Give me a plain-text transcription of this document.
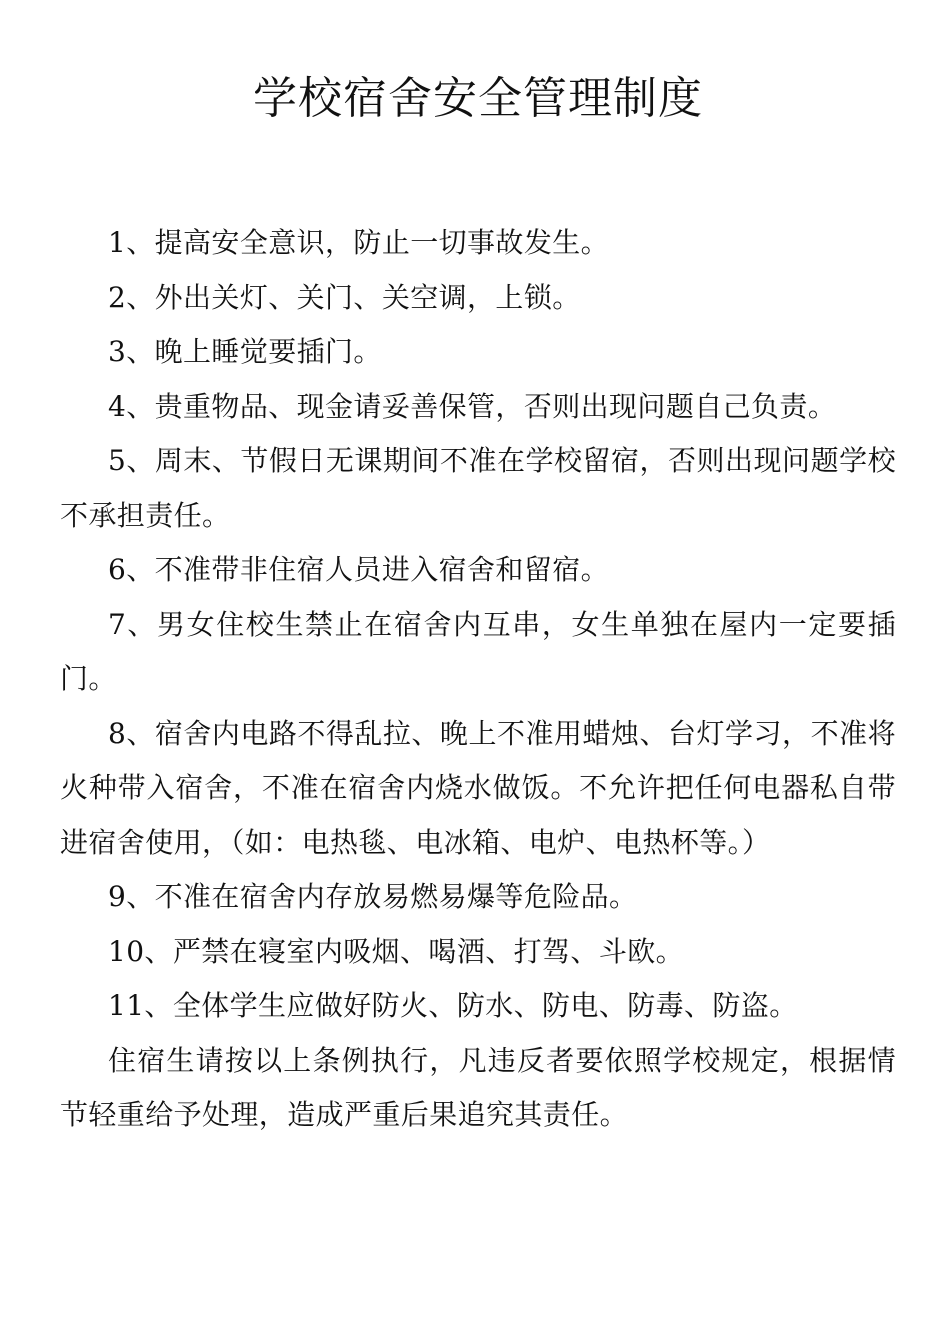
学校宿舍安全管理制度

1、提高安全意识，防止一切事故发生。

2、外出关灯、关门、关空调，上锁。

3、晚上睡觉要插门。

4、贵重物品、现金请妥善保管，否则出现问题自己负责。

5、周末、节假日无课期间不准在学校留宿，否则出现问题学校不承担责任。

6、不准带非住宿人员进入宿舍和留宿。

7、男女住校生禁止在宿舍内互串，女生单独在屋内一定要插门。

8、宿舍内电路不得乱拉、晚上不准用蜡烛、台灯学习，不准将火种带入宿舍，不准在宿舍内烧水做饭。不允许把任何电器私自带进宿舍使用，（如：电热毯、电冰箱、电炉、电热杯等。）

9、不准在宿舍内存放易燃易爆等危险品。

10、严禁在寝室内吸烟、喝酒、打驾、斗欧。

11、全体学生应做好防火、防水、防电、防毒、防盗。

住宿生请按以上条例执行，凡违反者要依照学校规定，根据情节轻重给予处理，造成严重后果追究其责任。
